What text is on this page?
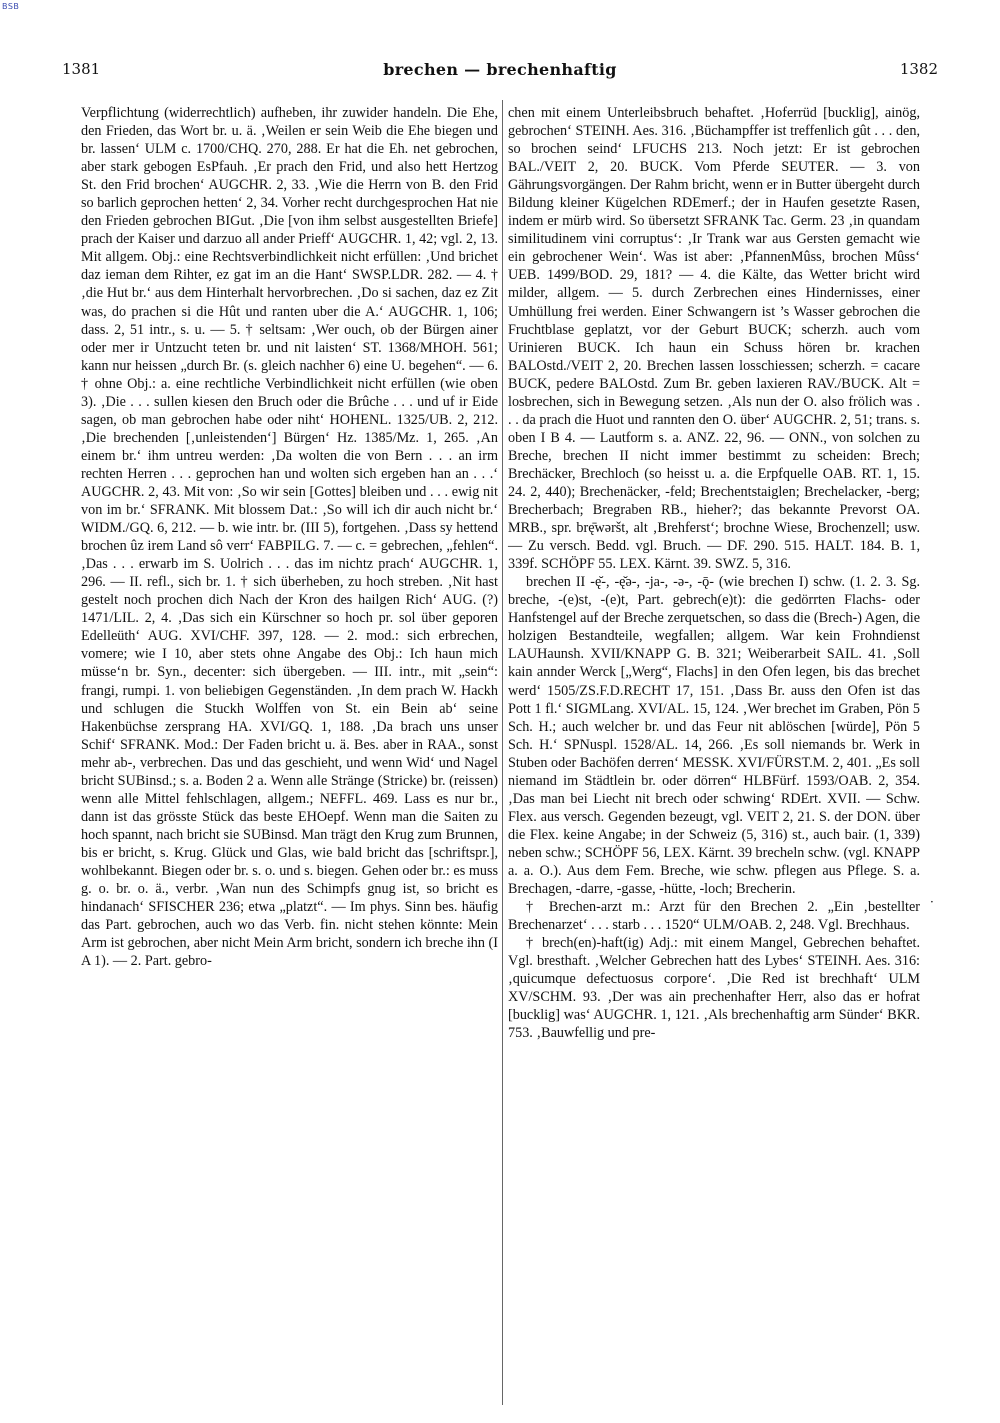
BSB
1381	brechen — brechenhaftig	1382

Verpflichtung (widerrechtlich) aufheben, ihr zuwider handeln. Die Ehe, den Frieden, das Wort br. u. ä. ‚Weilen er sein Weib die Ehe biegen und br. lassen‘ ULM c. 1700/CHQ. 270, 288. Er hat die Eh. net gebrochen, aber stark gebogen EsPfauh. ‚Er prach den Frid, und also hett Hertzog St. den Frid brochen‘ AUGCHR. 2, 33. ‚Wie die Herrn von B. den Frid so barlich geprochen hetten‘ 2, 34. Vorher recht durchgesprochen Hat nie den Frieden gebrochen BIGut. ‚Die [von ihm selbst ausgestellten Briefe] prach der Kaiser und darzuo all ander Prieff‘ AUGCHR. 1, 42; vgl. 2, 13. Mit allgem. Obj.: eine Rechtsverbindlichkeit nicht erfüllen: ‚Und brichet daz ieman dem Rihter, ez gat im an die Hant‘ SWSP.LDR. 282. — 4. † ‚die Hut br.‘ aus dem Hinterhalt hervorbrechen. ‚Do si sachen, daz ez Zit was, do prachen si die Hût und ranten uber die A.‘ AUGCHR. 1, 106; dass. 2, 51 intr., s. u. — 5. † seltsam: ‚Wer ouch, ob der Bürgen ainer oder mer ir Untzucht teten br. und nit laisten‘ ST. 1368/MHOH. 561; kann nur heissen „durch Br. (s. gleich nachher 6) eine U. begehen“. — 6. † ohne Obj.: a. eine rechtliche Verbindlichkeit nicht erfüllen (wie oben 3). ‚Die . . . sullen kiesen den Bruch oder die Brûche . . . und uf ir Eide sagen, ob man gebrochen habe oder niht‘ HOHENL. 1325/UB. 2, 212. ‚Die brechenden [‚unleistenden‘] Bürgen‘ Hz. 1385/Mz. 1, 265. ‚An einem br.‘ ihm untreu werden: ‚Da wolten die von Bern . . . an irm rechten Herren . . . geprochen han und wolten sich ergeben han an . . .‘ AUGCHR. 2, 43. Mit von: ‚So wir sein [Gottes] bleiben und . . . ewig nit von im br.‘ SFRANK. Mit blossem Dat.: ‚So will ich dir auch nicht br.‘ WIDM./GQ. 6, 212. — b. wie intr. br. (III 5), fortgehen. ‚Dass sy hettend brochen ûz irem Land sô verr‘ FABPILG. 7. — c. = gebrechen, „fehlen“. ‚Das . . . erwarb im S. Uolrich . . . das im nichtz prach‘ AUGCHR. 1, 296. — II. refl., sich br. 1. † sich überheben, zu hoch streben. ‚Nit hast gestelt noch prochen dich Nach der Kron des hailgen Rich‘ AUG. (?) 1471/LIL. 2, 4. ‚Das sich ein Kürschner so hoch pr. sol über geporen Edelleüth‘ AUG. XVI/CHF. 397, 128. — 2. mod.: sich erbrechen, vomere; wie I 10, aber stets ohne Angabe des Obj.: Ich haun mich müsse‘n br. Syn., decenter: sich übergeben. — III. intr., mit „sein“: frangi, rumpi. 1. von beliebigen Gegenständen. ‚In dem prach W. Hackh und schlugen die Stuckh Wolffen von St. ein Bein ab‘ seine Hakenbüchse zersprang HA. XVI/GQ. 1, 188. ‚Da brach uns unser Schif‘ SFRANK. Mod.: Der Faden bricht u. ä. Bes. aber in RAA., sonst mehr ab-, verbrechen. Das und das geschieht, und wenn Wid‘ und Nagel bricht SUBinsd.; s. a. Boden 2 a. Wenn alle Stränge (Stricke) br. (reissen) wenn alle Mittel fehlschlagen, allgem.; NEFFL. 469. Lass es nur br., dann ist das grösste Stück das beste EHOepf. Wenn man die Saiten zu hoch spannt, nach bricht sie SUBinsd. Man trägt den Krug zum Brunnen, bis er bricht, s. Krug. Glück und Glas, wie bald bricht das [schriftspr.], wohlbekannt. Biegen oder br. s. o. und s. biegen. Gehen oder br.: es muss g. o. br. o. ä., verbr. ‚Wan nun des Schimpfs gnug ist, so bricht es hindanach‘ SFISCHER 236; etwa „platzt“. — Im phys. Sinn bes. häufig das Part. gebrochen, auch wo das Verb. fin. nicht stehen könnte: Mein Arm ist gebrochen, aber nicht Mein Arm bricht, sondern ich breche ihn (I A 1). — 2. Part. gebro-

chen mit einem Unterleibsbruch behaftet. ‚Hoferrüd [bucklig], ainög, gebrochen‘ STEINH. Aes. 316. ‚Büchampffer ist treffenlich gût . . . den, so brochen seind‘ LFUCHS 213. Noch jetzt: Er ist gebrochen BAL./VEIT 2, 20. BUCK. Vom Pferde SEUTER. — 3. von Gährungsvorgängen. Der Rahm bricht, wenn er in Butter übergeht durch Bildung kleiner Kügelchen RDEmerf.; der in Haufen gesetzte Rasen, indem er mürb wird. So übersetzt SFRANK Tac. Germ. 23 ‚in quandam similitudinem vini corruptus‘: ‚Ir Trank war aus Gersten gemacht wie ein gebrochener Wein‘. Was ist aber: ‚PfannenMûss, brochen Mûss‘ UEB. 1499/BOD. 29, 181? — 4. die Kälte, das Wetter bricht wird milder, allgem. — 5. durch Zerbrechen eines Hindernisses, einer Umhüllung frei werden. Einer Schwangern ist ’s Wasser gebrochen die Fruchtblase geplatzt, vor der Geburt BUCK; scherzh. auch vom Urinieren BUCK. Ich haun ein Schuss hören br. krachen BALOstd./VEIT 2, 20. Brechen lassen losschiessen; scherzh. = cacare BUCK, pedere BALOstd. Zum Br. geben laxieren RAV./BUCK. Alt = losbrechen, sich in Bewegung setzen. ‚Als nun der O. also frölich was . . . da prach die Huot und rannten den O. über‘ AUGCHR. 2, 51; trans. s. oben I B 4. — Lautform s. a. ANZ. 22, 96. — ONN., von solchen zu Breche, brechen II nicht immer bestimmt zu scheiden: Brech; Brechäcker, Brechloch (so heisst u. a. die Erpfquelle OAB. RT. 1, 15. 24. 2, 440); Brechenäcker, -feld; Brechentstaiglen; Brechelacker, -berg; Brecherbach; Bregraben RB., hieher?; das bekannte Prevorst OA. MRB., spr. brę̄wəršt, alt ‚Brehferst‘; brochne Wiese, Brochenzell; usw. — Zu versch. Bedd. vgl. Bruch. — DF. 290. 515. HALT. 184. B. 1, 339f. SCHÖPF 55. LEX. Kärnt. 39. SWZ. 5, 316.

brechen II -ę̆-, -ę̆ə-, -ja-, -ə-, -ǭ- (wie brechen I) schw. (1. 2. 3. Sg. breche, -(e)st, -(e)t, Part. gebrech(e)t): die gedörrten Flachs- oder Hanfstengel auf der Breche zerquetschen, so dass die (Brech-) Agen, die holzigen Bestandteile, wegfallen; allgem. War kein Frohndienst LAUHaunsh. XVII/KNAPP G. B. 321; Weiberarbeit SAIL. 41. ‚Soll kain annder Werck [„Werg“, Flachs] in den Ofen legen, bis das brechet werd‘ 1505/ZS.F.D.RECHT 17, 151. ‚Dass Br. auss den Ofen ist das Pott 1 fl.‘ SIGMLang. XVI/AL. 15, 124. ‚Wer brechet im Graben, Pön 5 Sch. H.; auch welcher br. und das Feur nit ablöschen [würde], Pön 5 Sch. H.‘ SPNuspl. 1528/AL. 14, 266. ‚Es soll niemands br. Werk in Stuben oder Bachöfen derren‘ MESSK. XVI/FÜRST.M. 2, 401. „Es soll niemand im Städtlein br. oder dörren“ HLBFürf. 1593/OAB. 2, 354. ‚Das man bei Liecht nit brech oder schwing‘ RDErt. XVII. — Schw. Flex. aus versch. Gegenden bezeugt, vgl. VEIT 2, 21. S. der DON. über die Flex. keine Angabe; in der Schweiz (5, 316) st., auch bair. (1, 339) neben schw.; SCHÖPF 56, LEX. Kärnt. 39 brecheln schw. (vgl. KNAPP a. a. O.). Aus dem Fem. Breche, wie schw. pflegen aus Pflege. S. a. Brechagen, -darre, -gasse, -hütte, -loch; Brecherin.

† Brechen-arzt m.: Arzt für den Brechen 2. „Ein ‚bestellter Brechenarzet‘ . . . starb . . . 1520“ ULM/OAB. 2, 248. Vgl. Brechhaus.

† brech(en)-haft(ig) Adj.: mit einem Mangel, Gebrechen behaftet. Vgl. bresthaft. ‚Welcher Gebrechen hatt des Lybes‘ STEINH. Aes. 316: ‚quicumque defectuosus corpore‘. ‚Die Red ist brechhaft‘ ULM XV/SCHM. 93. ‚Der was ain prechenhafter Herr, also das er hofrat [bucklig] was‘ AUGCHR. 1, 121. ‚Als brechenhaftig arm Sünder‘ BKR. 753. ‚Bauwfellig und pre-

·
